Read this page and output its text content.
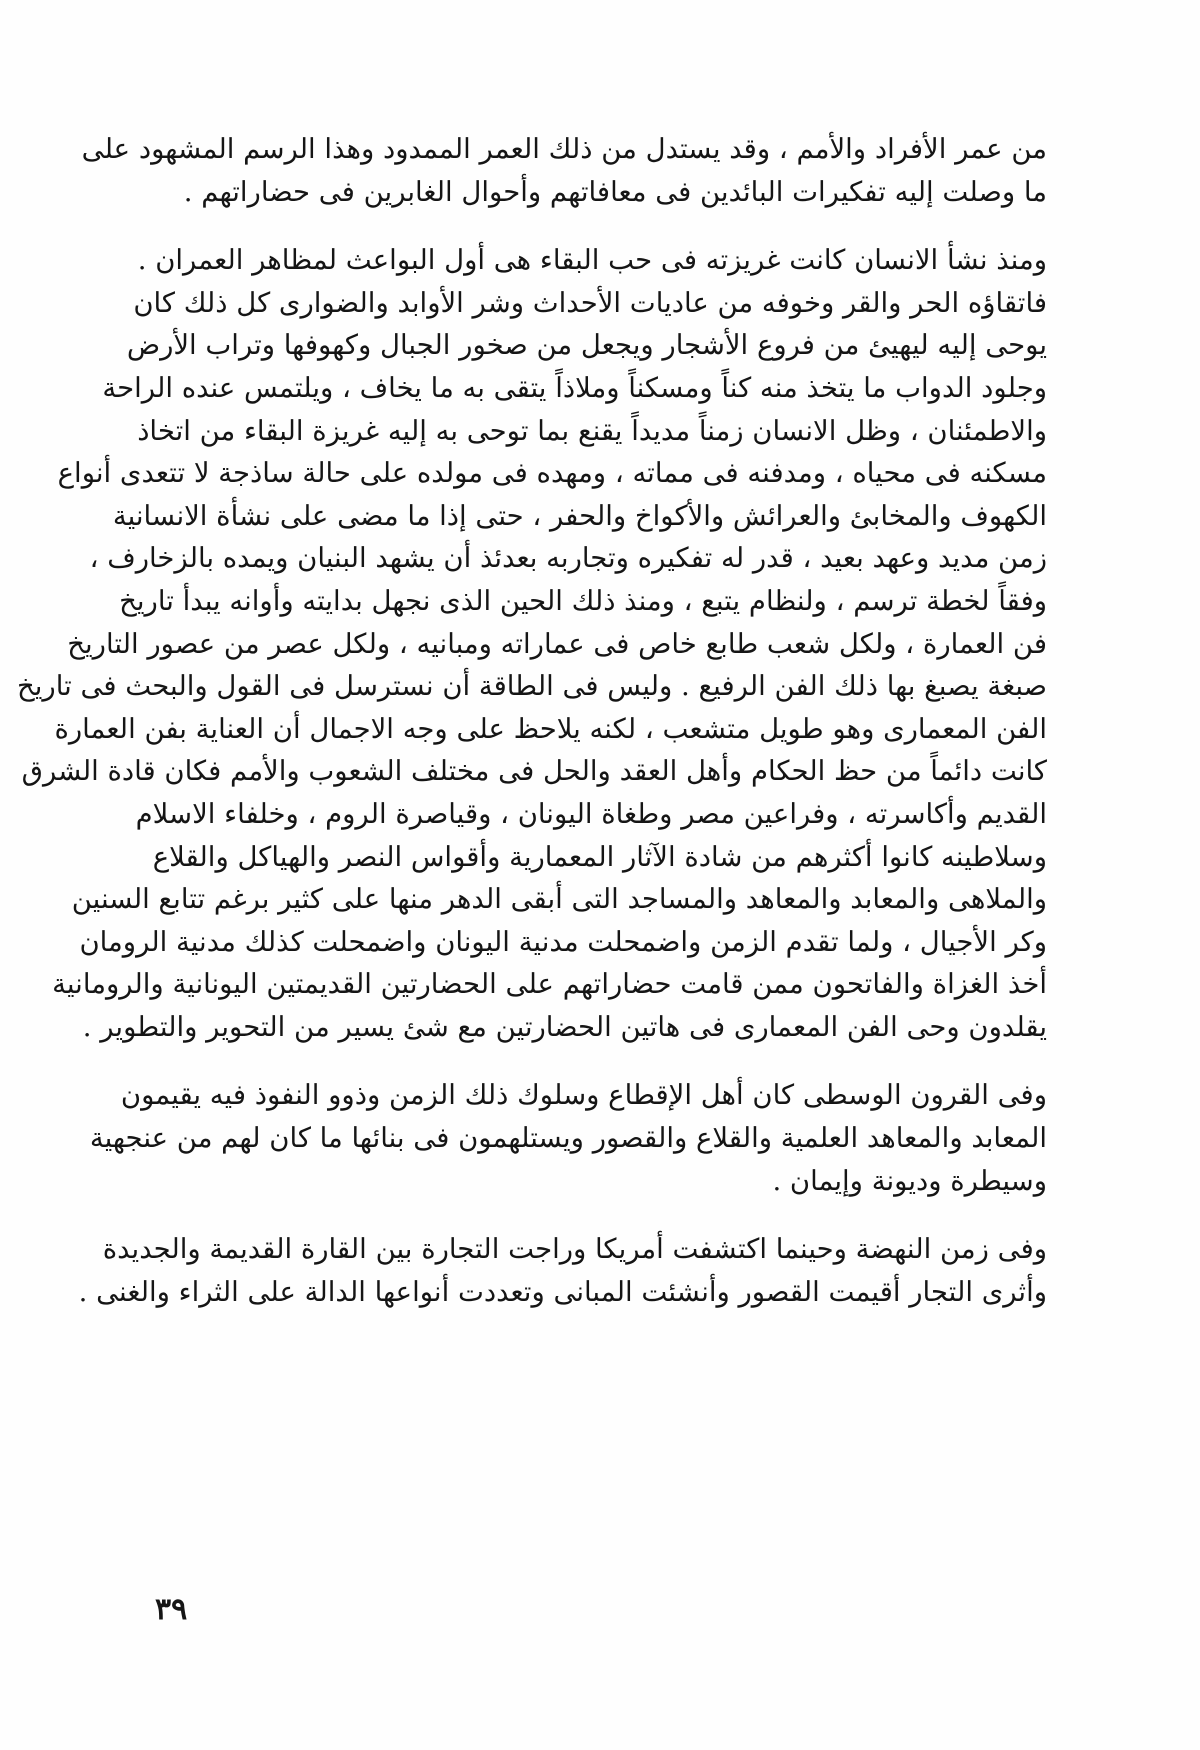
من عمر الأفراد والأمم ، وقد يستدل من ذلك العمر الممدود وهذا الرسم المشهود على
ما وصلت إليه تفكيرات البائدين فى معافاتهم وأحوال الغابرين فى حضاراتهم .
ومنذ نشأ الانسان كانت غريزته فى حب البقاء هى أول البواعث لمظاهر العمران .
فاتقاؤه الحر والقر وخوفه من عاديات الأحداث وشر الأوابد والضوارى كل ذلك كان
يوحى إليه ليهيئ من فروع الأشجار ويجعل من صخور الجبال وكهوفها وتراب الأرض
وجلود الدواب ما يتخذ منه كناً ومسكناً وملاذاً يتقى به ما يخاف ، ويلتمس عنده الراحة
والاطمئنان ، وظل الانسان زمناً مديداً يقنع بما توحى به إليه غريزة البقاء من اتخاذ
مسكنه فى محياه ، ومدفنه فى مماته ، ومهده فى مولده على حالة ساذجة لا تتعدى أنواع
الكهوف والمخابئ والعرائش والأكواخ والحفر ، حتى إذا ما مضى على نشأة الانسانية
زمن مديد وعهد بعيد ، قدر له تفكيره وتجاربه بعدئذ أن يشهد البنيان ويمده بالزخارف ،
وفقاً لخطة ترسم ، ولنظام يتبع ، ومنذ ذلك الحين الذى نجهل بدايته وأوانه يبدأ تاريخ
فن العمارة ، ولكل شعب طابع خاص فى عماراته ومبانيه ، ولكل عصر من عصور التاريخ
صبغة يصبغ بها ذلك الفن الرفيع . وليس فى الطاقة أن نسترسل فى القول والبحث فى تاريخ
الفن المعمارى وهو طويل متشعب ، لكنه يلاحظ على وجه الاجمال أن العناية بفن العمارة
كانت دائماً من حظ الحكام وأهل العقد والحل فى مختلف الشعوب والأمم فكان قادة الشرق
القديم وأكاسرته ، وفراعين مصر وطغاة اليونان ، وقياصرة الروم ، وخلفاء الاسلام
وسلاطينه كانوا أكثرهم من شادة الآثار المعمارية وأقواس النصر والهياكل والقلاع
والملاهى والمعابد والمعاهد والمساجد التى أبقى الدهر منها على كثير برغم تتابع السنين
وكر الأجيال ، ولما تقدم الزمن واضمحلت مدنية اليونان واضمحلت كذلك مدنية الرومان
أخذ الغزاة والفاتحون ممن قامت حضاراتهم على الحضارتين القديمتين اليونانية والرومانية
يقلدون وحى الفن المعمارى فى هاتين الحضارتين مع شئ يسير من التحوير والتطوير .
وفى القرون الوسطى كان أهل الإقطاع وسلوك ذلك الزمن وذوو النفوذ فيه يقيمون
المعابد والمعاهد العلمية والقلاع والقصور ويستلهمون فى بنائها ما كان لهم من عنجهية
وسيطرة وديونة وإيمان .
وفى زمن النهضة وحينما اكتشفت أمريكا وراجت التجارة بين القارة القديمة والجديدة
وأثرى التجار أقيمت القصور وأنشئت المبانى وتعددت أنواعها الدالة على الثراء والغنى .
٣٩
